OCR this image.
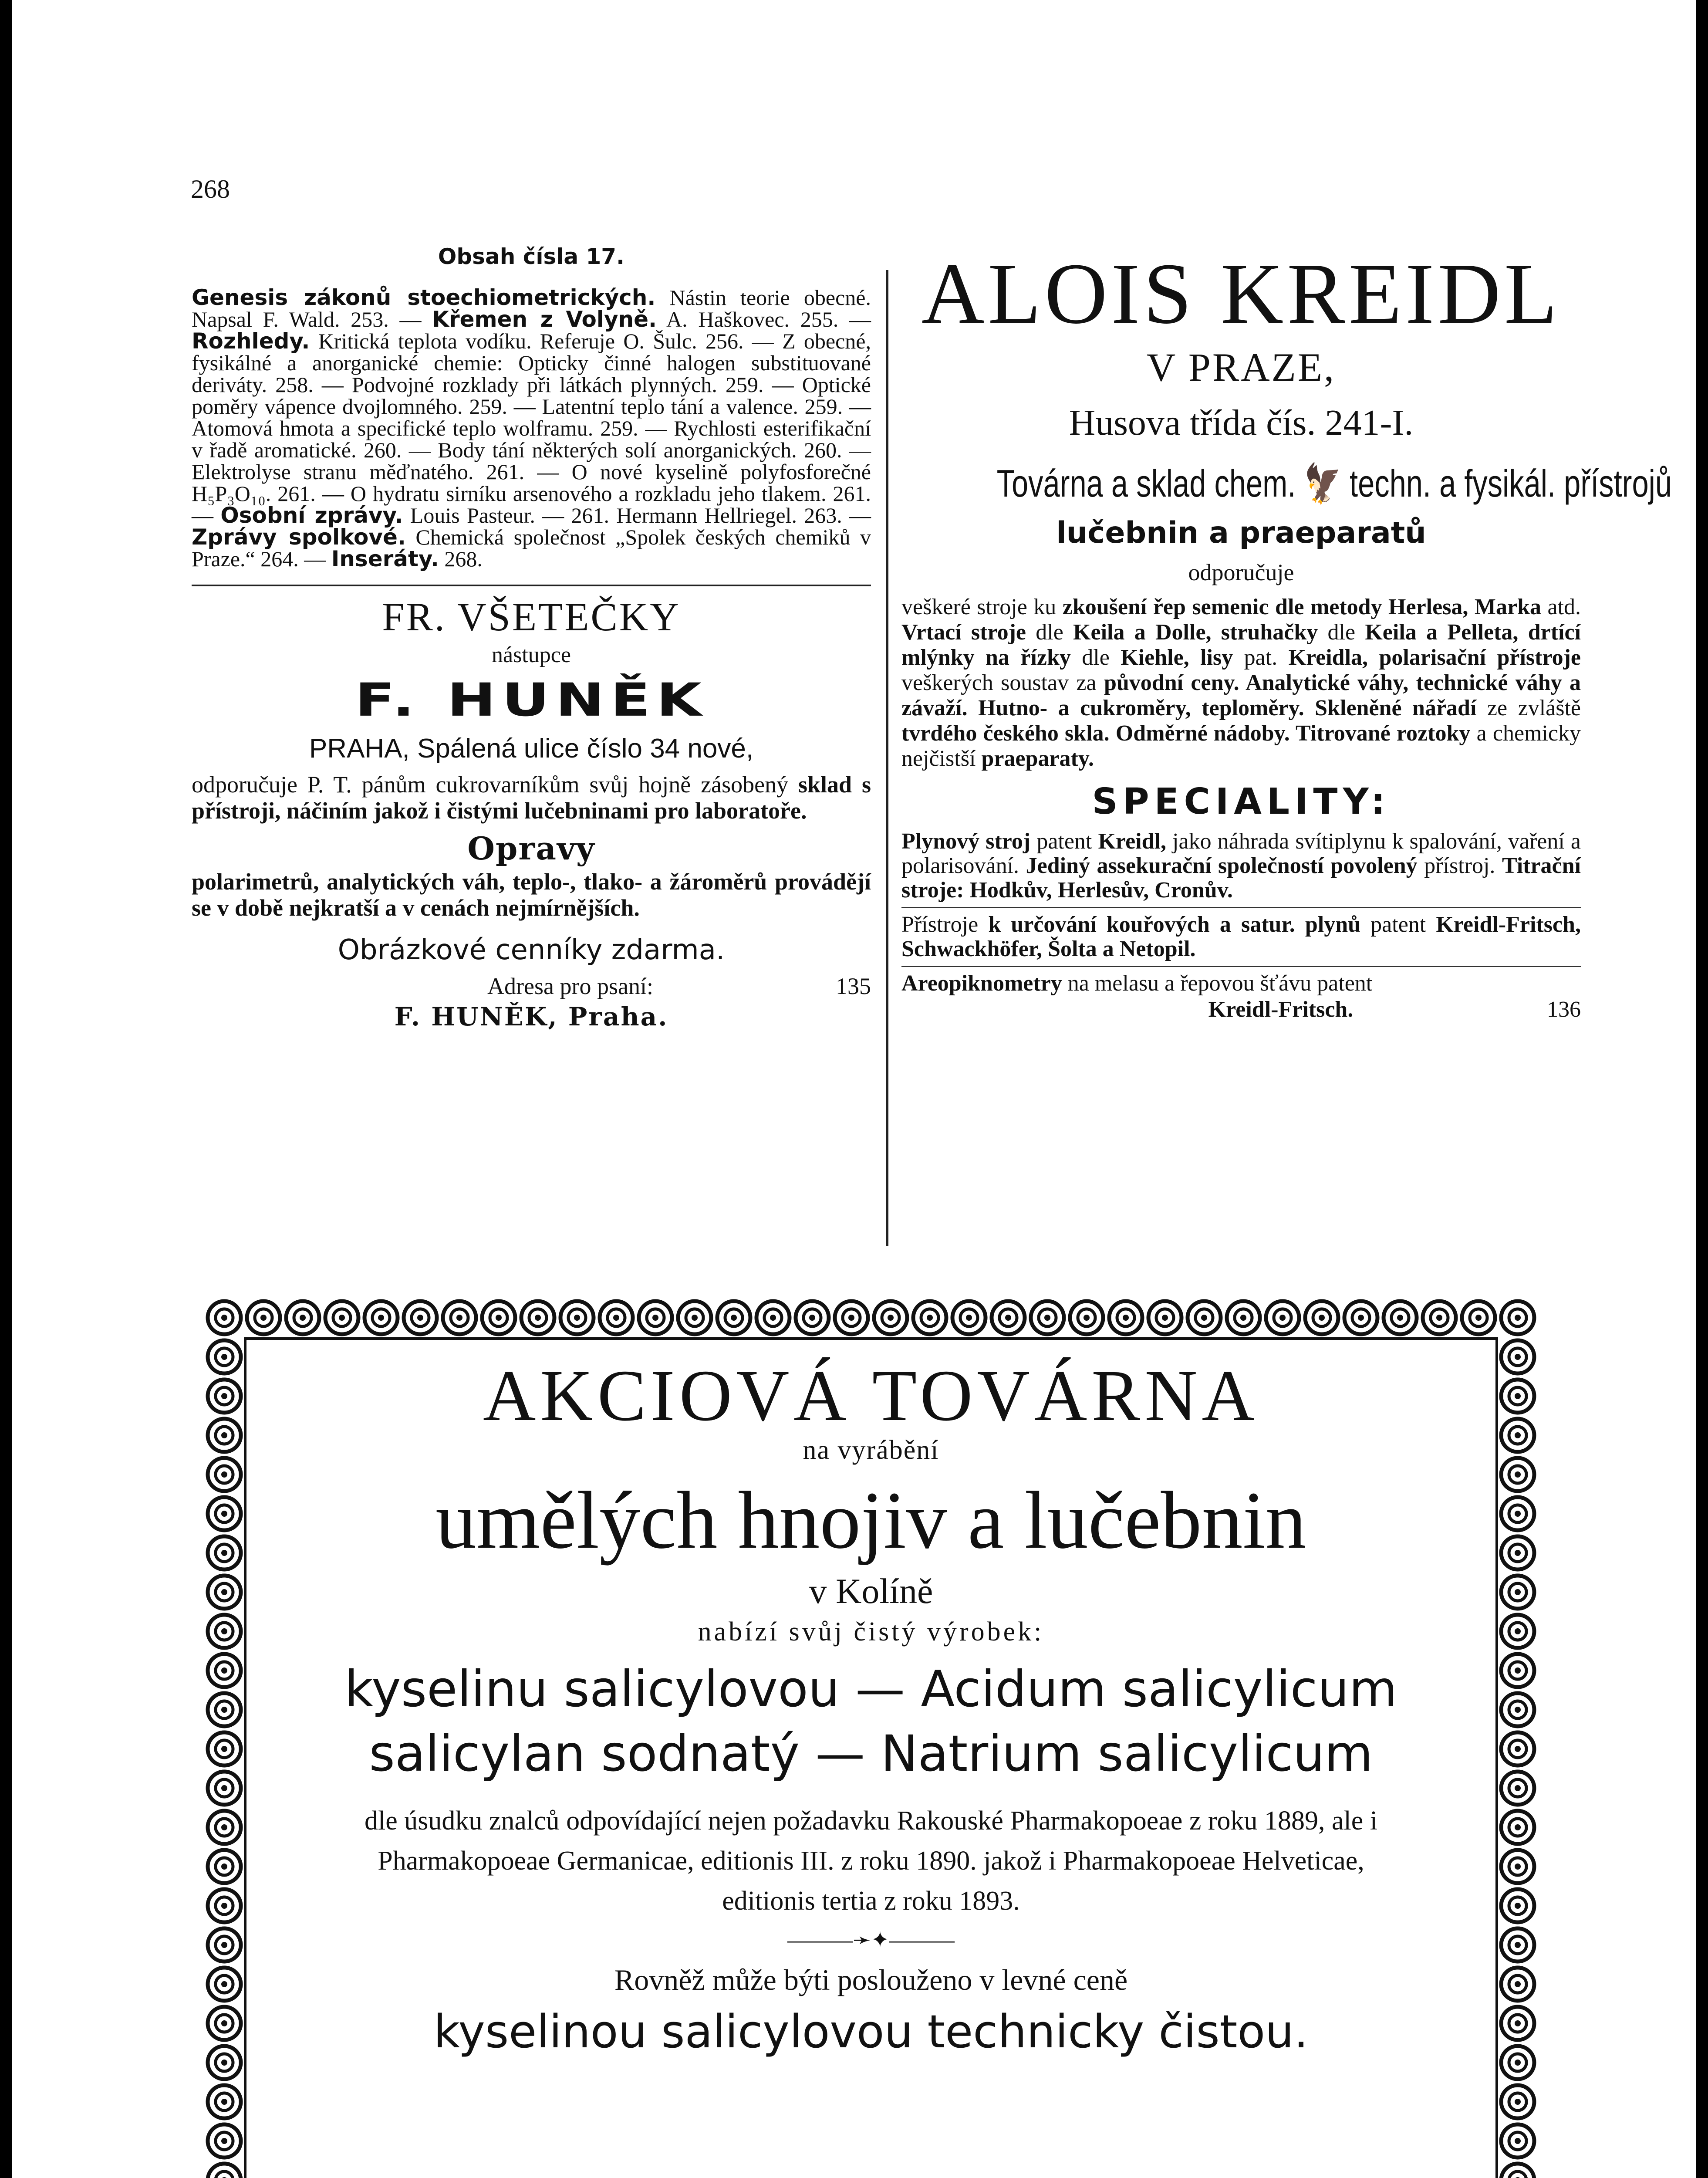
268
Obsah čísla 17.
Genesis zákonů stoechiometrických. Nástin teorie obecné. Napsal F. Wald. 253. — Křemen z Volyně. A. Haškovec. 255. — Rozhledy. Kritická teplota vodíku. Referuje O. Šulc. 256. — Z obecné, fysikálné a anorganické chemie: Opticky činné halogen substituované deriváty. 258. — Podvojné rozklady při látkách plynných. 259. — Optické poměry vápence dvojlomného. 259. — Latentní teplo tání a valence. 259. — Atomová hmota a specifické teplo wolframu. 259. — Rychlosti esterifikační v řadě aromatické. 260. — Body tání některých solí anorganických. 260. — Elektrolyse stranu měďnatého. 261. — O nové kyselině polyfosforečné H₅P₃O₁₀. 261. — O hydratu sirníku arsenového a rozkladu jeho tlakem. 261. — Osobní zprávy. Louis Pasteur. — 261. Hermann Hellriegel. 263. — Zprávy spolkové. Chemická společnost „Spolek českých chemiků v Praze.“ 264. — Inseráty. 268.
FR. VŠETEČKY
nástupce
F. HUNĚK
PRAHA, Spálená ulice číslo 34 nové,
odporučuje P. T. pánům cukrovarníkům svůj hojně zásobený sklad s přístroji, náčiním jakož i čistými lučebninami pro laboratoře.
Opravy
polarimetrů, analytických váh, teplo-, tlako- a žároměrů provádějí se v době nejkratší a v cenách nejmírnějších.
Obrázkové cenníky zdarma.
Adresa pro psaní:	135
F. HUNĚK, Praha.
ALOIS KREIDL
V PRAZE,
Husova třída čís. 241-I.
Továrna a sklad chem. 🦅 techn. a fysikál. přístrojů
lučebnin a praeparatů
odporučuje
veškeré stroje ku zkoušení řep semenic dle metody Herlesa, Marka atd. Vrtací stroje dle Keila a Dolle, struhačky dle Keila a Pelleta, drtící mlýnky na řízky dle Kiehle, lisy pat. Kreidla, polarisační přístroje veškerých soustav za původní ceny. Analytické váhy, technické váhy a závaží. Hutno- a cukroměry, teploměry. Skleněné nářadí ze zvláště tvrdého českého skla. Odměrné nádoby. Titrované roztoky a chemicky nejčistší praeparaty.
SPECIALITY:
Plynový stroj patent Kreidl, jako náhrada svítiplynu k spalování, vaření a polarisování. Jediný assekurační společností povolený přístroj. Titrační stroje: Hodkův, Herlesův, Cronův.
Přístroje k určování kouřových a satur. plynů patent Kreidl-Fritsch, Schwackhöfer, Šolta a Netopil.
Areopiknometry na melasu a řepovou šťávu patent
Kreidl-Fritsch.	136
AKCIOVÁ TOVÁRNA
na vyrábění
umělých hnojiv a lučebnin
v Kolíně
nabízí svůj čistý výrobek:
kyselinu salicylovou — Acidum salicylicum
salicylan sodnatý — Natrium salicylicum
dle úsudku znalců odpovídající nejen požadavku Rakouské Pharmakopoeae z roku 1889, ale i Pharmakopoeae Germanicae, editionis III. z roku 1890. jakož i Pharmakopoeae Helveticae, editionis tertia z roku 1893.
———➛✦———
Rovněž může býti poslouženo v levné ceně
kyselinou salicylovou technicky čistou.
